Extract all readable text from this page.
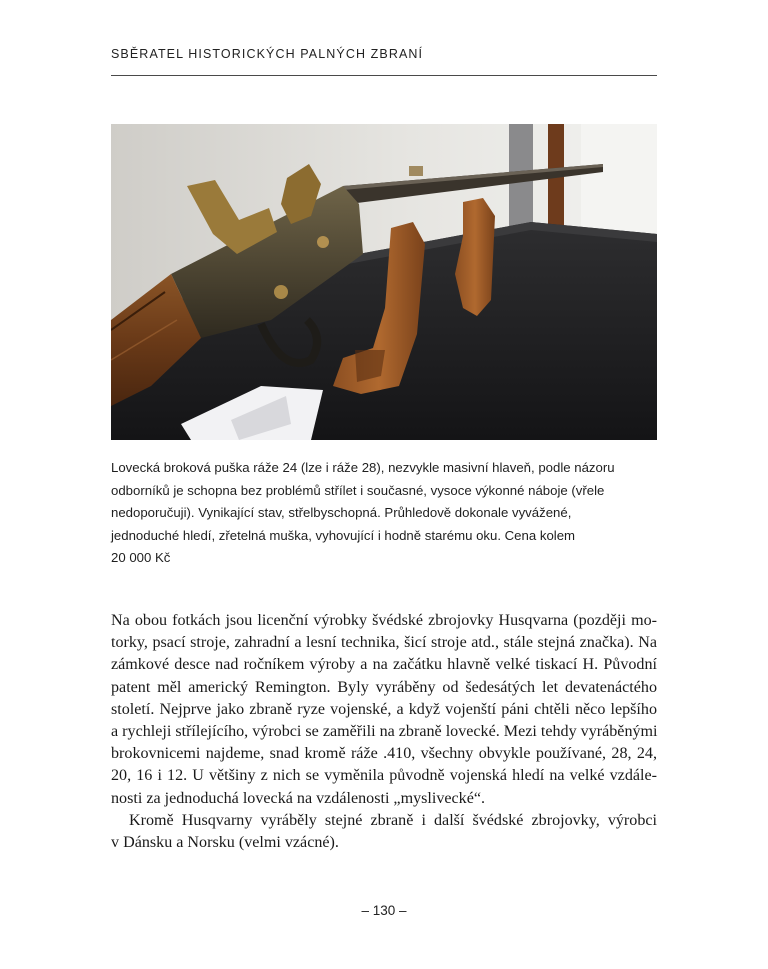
SBĚRATEL HISTORICKÝCH PALNÝCH ZBRANÍ
Lovecká broková puška ráže 24 (lze i ráže 28), nezvykle masivní hlaveň, podle názoru
odborníků je schopna bez problémů střílet i současné, vysoce výkonné náboje (vřele
nedoporučuji). Vynikající stav, střelbyschopná. Průhledově dokonale vyvážené,
jednoduché hledí, zřetelná muška, vyhovující i hodně starému oku. Cena kolem
20 000 Kč
Na obou fotkách jsou licenční výrobky švédské zbrojovky Husqvarna (později mo-
torky, psací stroje, zahradní a lesní technika, šicí stroje atd., stále stejná značka). Na
zámkové desce nad ročníkem výroby a na začátku hlavně velké tiskací H. Původní
patent měl americký Remington. Byly vyráběny od šedesátých let devatenáctého
století. Nejprve jako zbraně ryze vojenské, a když vojenští páni chtěli něco lepšího
a rychleji střílejícího, výrobci se zaměřili na zbraně lovecké. Mezi tehdy vyráběnými
brokovnicemi najdeme, snad kromě ráže .410, všechny obvykle používané, 28, 24,
20, 16 i 12. U většiny z nich se vyměnila původně vojenská hledí na velké vzdále-
nosti za jednoduchá lovecká na vzdálenosti „myslivecké“.
Kromě Husqvarny vyráběly stejné zbraně i další švédské zbrojovky, výrobci
v Dánsku a Norsku (velmi vzácné).
– 130 –
